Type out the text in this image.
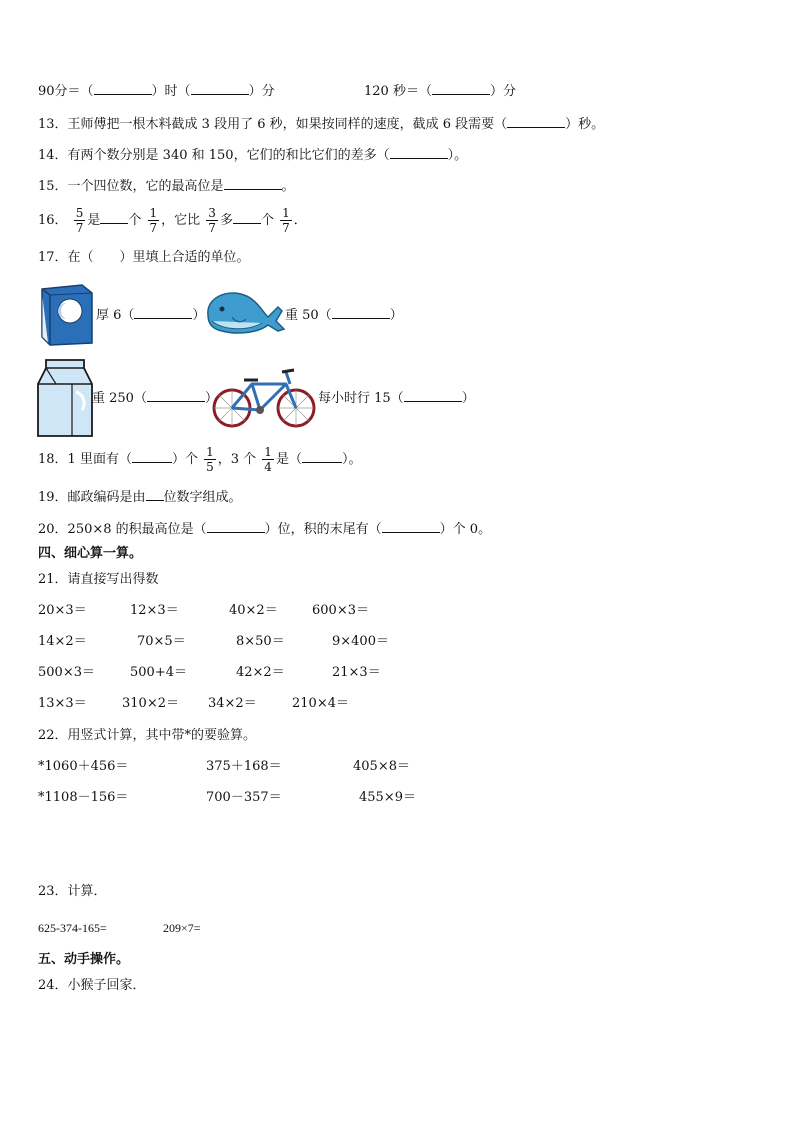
90分＝（	）时（	）分	120 秒＝（	）分
13．王师傅把一根木料截成 3 段用了 6 秒，如果按同样的速度，截成 6 段需要（	）秒。
14．有两个数分别是 340 和 150，它们的和比它们的差多（	）。
15．一个四位数，它的最高位是	。
16． $\frac{5}{7}$ 是 个 $\frac{1}{7}$ ，它比 $\frac{3}{7}$ 多 个 $\frac{1}{7}$ ．
17．在（　　）里填上合适的单位。
厚 6（	）	重 50（	）
重 250（	）	每小时行 15（	）
18．1 里面有（	）个 $\frac{1}{5}$ ，3 个 $\frac{1}{4}$ 是（	）。
19．邮政编码是由 位数字组成。
20．250×8 的积最高位是（	）位，积的末尾有（	）个 0。
四、细心算一算。
21．请直接写出得数
20×3＝	12×3＝	40×2＝	600×3＝
14×2＝	70×5＝	8×50＝	9×400＝
500×3＝	500+4＝	42×2＝	21×3＝
13×3＝	310×2＝ 34×2＝	210×4＝
22．用竖式计算，其中带*的要验算。
*1060＋456＝	375＋168＝	405×8＝
*1108－156＝	700－357＝	455×9＝
23．计算．
625-374-165=	209×7=
五、动手操作。
24．小猴子回家．
